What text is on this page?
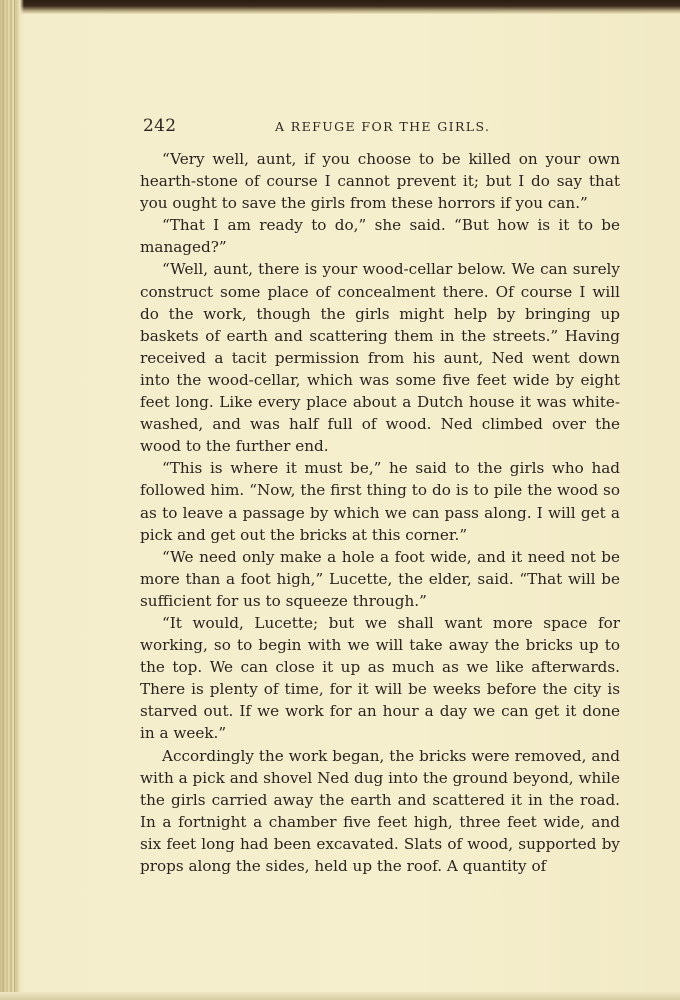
242	A REFUGE FOR THE GIRLS.

“Very well, aunt, if you choose to be killed on your own hearth-stone of course I cannot prevent it; but I do say that you ought to save the girls from these horrors if you can.”

“That I am ready to do,” she said. “But how is it to be managed?”

“Well, aunt, there is your wood-cellar below. We can surely construct some place of concealment there. Of course I will do the work, though the girls might help by bringing up baskets of earth and scattering them in the streets.” Having received a tacit permission from his aunt, Ned went down into the wood-cellar, which was some five feet wide by eight feet long. Like every place about a Dutch house it was white-washed, and was half full of wood. Ned climbed over the wood to the further end.

“This is where it must be,” he said to the girls who had followed him. “Now, the first thing to do is to pile the wood so as to leave a passage by which we can pass along. I will get a pick and get out the bricks at this corner.”

“We need only make a hole a foot wide, and it need not be more than a foot high,” Lucette, the elder, said. “That will be sufficient for us to squeeze through.”

“It would, Lucette; but we shall want more space for working, so to begin with we will take away the bricks up to the top. We can close it up as much as we like afterwards. There is plenty of time, for it will be weeks before the city is starved out. If we work for an hour a day we can get it done in a week.”

Accordingly the work began, the bricks were removed, and with a pick and shovel Ned dug into the ground beyond, while the girls carried away the earth and scattered it in the road. In a fortnight a chamber five feet high, three feet wide, and six feet long had been excavated. Slats of wood, supported by props along the sides, held up the roof. A quantity of
